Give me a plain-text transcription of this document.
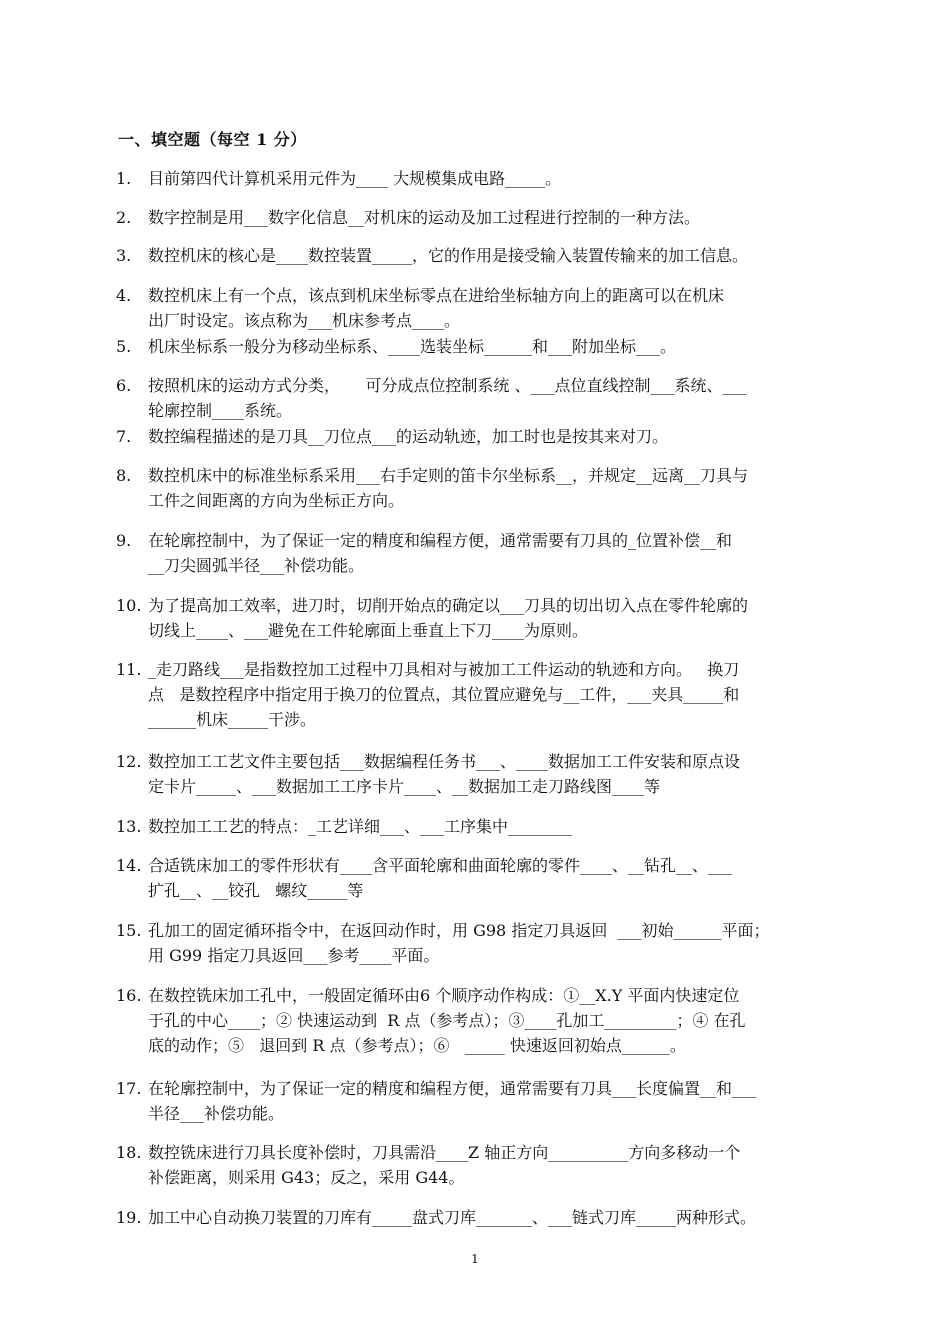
一、填空题（每空 1 分）
1. 目前第四代计算机采用元件为____ 大规模集成电路_____。
2. 数字控制是用___数字化信息__对机床的运动及加工过程进行控制的一种方法。
3. 数控机床的核心是____数控装置_____，它的作用是接受输入装置传输来的加工信息。
4. 数控机床上有一个点，该点到机床坐标零点在进给坐标轴方向上的距离可以在机床
出厂时设定。该点称为___机床参考点____。
5. 机床坐标系一般分为移动坐标系、____选装坐标______和___附加坐标___。
6. 按照机床的运动方式分类，     可分成点位控制系统 、___点位直线控制___系统、___
轮廓控制____系统。
7. 数控编程描述的是刀具__刀位点___的运动轨迹，加工时也是按其来对刀。
8. 数控机床中的标准坐标系采用___右手定则的笛卡尔坐标系__，并规定__远离__刀具与
工件之间距离的方向为坐标正方向。
9. 在轮廓控制中，为了保证一定的精度和编程方便，通常需要有刀具的_位置补偿__和
__刀尖圆弧半径___补偿功能。
10. 为了提高加工效率，进刀时，切削开始点的确定以___刀具的切出切入点在零件轮廓的
切线上____、___避免在工件轮廓面上垂直上下刀____为原则。
11. _走刀路线___是指数控加工过程中刀具相对与被加工工件运动的轨迹和方向。   换刀
点   是数控程序中指定用于换刀的位置点，其位置应避免与__工件，___夹具_____和
______机床_____干涉。
12. 数控加工工艺文件主要包括___数据编程任务书___、____数据加工工件安装和原点设
定卡片_____、___数据加工工序卡片____、__数据加工走刀路线图____等
13. 数控加工工艺的特点：_工艺详细___、___工序集中________
14. 合适铣床加工的零件形状有____含平面轮廓和曲面轮廓的零件____、__钻孔__、___
扩孔__、__铰孔   螺纹_____等
15. 孔加工的固定循环指令中，在返回动作时，用 G98 指定刀具返回  ___初始______平面；
用 G99 指定刀具返回___参考____平面。
16. 在数控铣床加工孔中，一般固定循环由6 个顺序动作构成：①__X.Y 平面内快速定位
于孔的中心____；② 快速运动到  R 点（参考点）；③____孔加工_________；④ 在孔
底的动作；⑤   退回到 R 点（参考点）；⑥   _____ 快速返回初始点______。
17. 在轮廓控制中，为了保证一定的精度和编程方便，通常需要有刀具___长度偏置__和___
半径___补偿功能。
18. 数控铣床进行刀具长度补偿时，刀具需沿____Z 轴正方向__________方向多移动一个
补偿距离，则采用 G43；反之，采用 G44。
19. 加工中心自动换刀装置的刀库有_____盘式刀库_______、___链式刀库_____两种形式。
1
